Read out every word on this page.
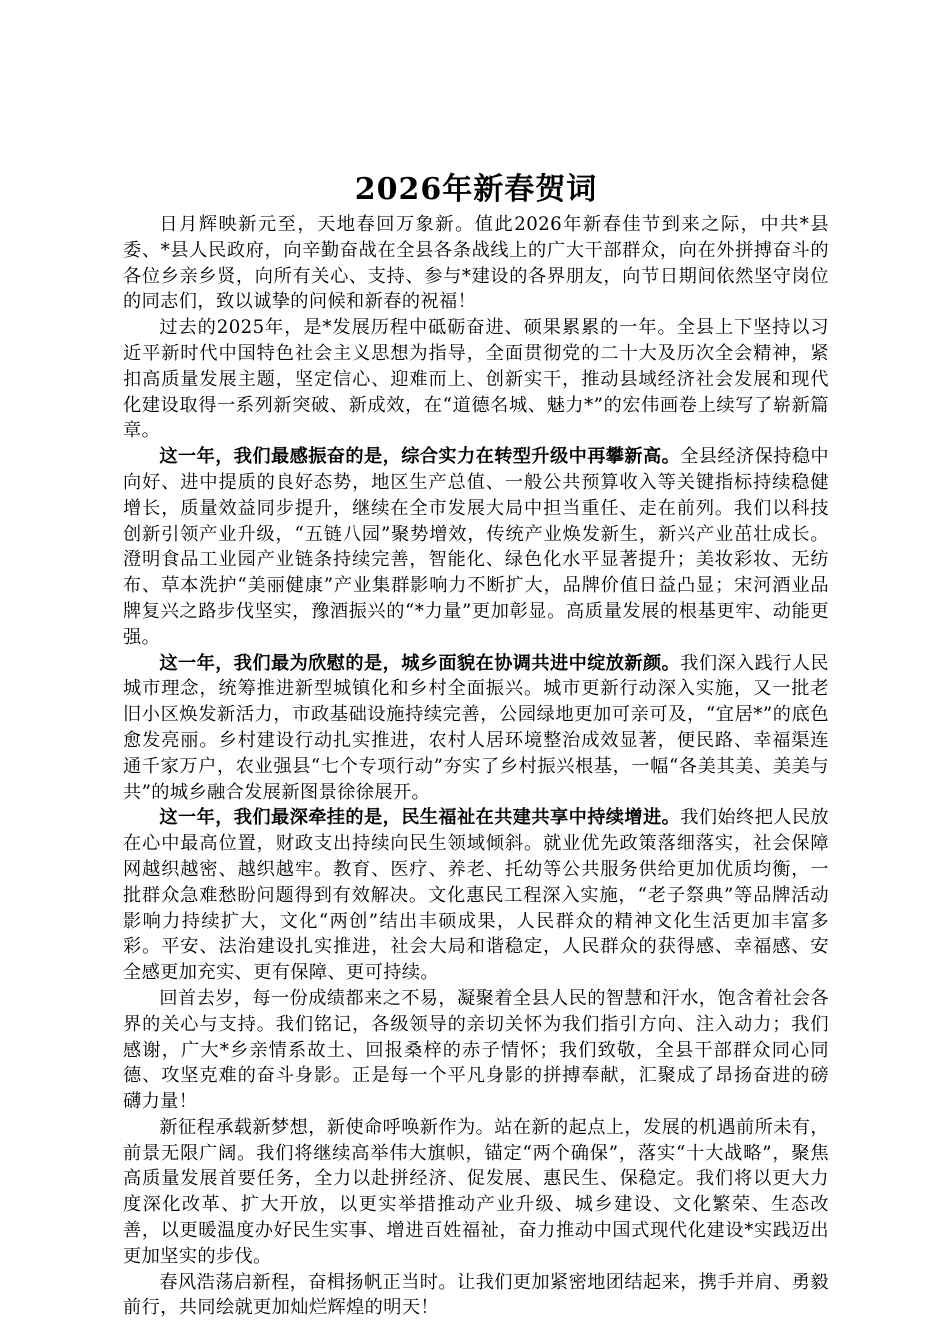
2026年新春贺词

日月辉映新元至，天地春回万象新。值此2026年新春佳节到来之际，中共*县委、*县人民政府，向辛勤奋战在全县各条战线上的广大干部群众，向在外拼搏奋斗的各位乡亲乡贤，向所有关心、支持、参与*建设的各界朋友，向节日期间依然坚守岗位的同志们，致以诚挚的问候和新春的祝福！

过去的2025年，是*发展历程中砥砺奋进、硕果累累的一年。全县上下坚持以习近平新时代中国特色社会主义思想为指导，全面贯彻党的二十大及历次全会精神，紧扣高质量发展主题，坚定信心、迎难而上、创新实干，推动县域经济社会发展和现代化建设取得一系列新突破、新成效，在“道德名城、魅力*”的宏伟画卷上续写了崭新篇章。

这一年，我们最感振奋的是，综合实力在转型升级中再攀新高。全县经济保持稳中向好、进中提质的良好态势，地区生产总值、一般公共预算收入等关键指标持续稳健增长，质量效益同步提升，继续在全市发展大局中担当重任、走在前列。我们以科技创新引领产业升级，“五链八园”聚势增效，传统产业焕发新生，新兴产业茁壮成长。澄明食品工业园产业链条持续完善，智能化、绿色化水平显著提升；美妆彩妆、无纺布、草本洗护“美丽健康”产业集群影响力不断扩大，品牌价值日益凸显；宋河酒业品牌复兴之路步伐坚实，豫酒振兴的“*力量”更加彰显。高质量发展的根基更牢、动能更强。

这一年，我们最为欣慰的是，城乡面貌在协调共进中绽放新颜。我们深入践行人民城市理念，统筹推进新型城镇化和乡村全面振兴。城市更新行动深入实施，又一批老旧小区焕发新活力，市政基础设施持续完善，公园绿地更加可亲可及，“宜居*”的底色愈发亮丽。乡村建设行动扎实推进，农村人居环境整治成效显著，便民路、幸福渠连通千家万户，农业强县“七个专项行动”夯实了乡村振兴根基，一幅“各美其美、美美与共”的城乡融合发展新图景徐徐展开。

这一年，我们最深牵挂的是，民生福祉在共建共享中持续增进。我们始终把人民放在心中最高位置，财政支出持续向民生领域倾斜。就业优先政策落细落实，社会保障网越织越密、越织越牢。教育、医疗、养老、托幼等公共服务供给更加优质均衡，一批群众急难愁盼问题得到有效解决。文化惠民工程深入实施，“老子祭典”等品牌活动影响力持续扩大，文化“两创”结出丰硕成果，人民群众的精神文化生活更加丰富多彩。平安、法治建设扎实推进，社会大局和谐稳定，人民群众的获得感、幸福感、安全感更加充实、更有保障、更可持续。

回首去岁，每一份成绩都来之不易，凝聚着全县人民的智慧和汗水，饱含着社会各界的关心与支持。我们铭记，各级领导的亲切关怀为我们指引方向、注入动力；我们感谢，广大*乡亲情系故土、回报桑梓的赤子情怀；我们致敬，全县干部群众同心同德、攻坚克难的奋斗身影。正是每一个平凡身影的拼搏奉献，汇聚成了昂扬奋进的磅礴力量！

新征程承载新梦想，新使命呼唤新作为。站在新的起点上，发展的机遇前所未有，前景无限广阔。我们将继续高举伟大旗帜，锚定“两个确保”，落实“十大战略”，聚焦高质量发展首要任务，全力以赴拼经济、促发展、惠民生、保稳定。我们将以更大力度深化改革、扩大开放，以更实举措推动产业升级、城乡建设、文化繁荣、生态改善，以更暖温度办好民生实事、增进百姓福祉，奋力推动中国式现代化建设*实践迈出更加坚实的步伐。

春风浩荡启新程，奋楫扬帆正当时。让我们更加紧密地团结起来，携手并肩、勇毅前行，共同绘就更加灿烂辉煌的明天！
